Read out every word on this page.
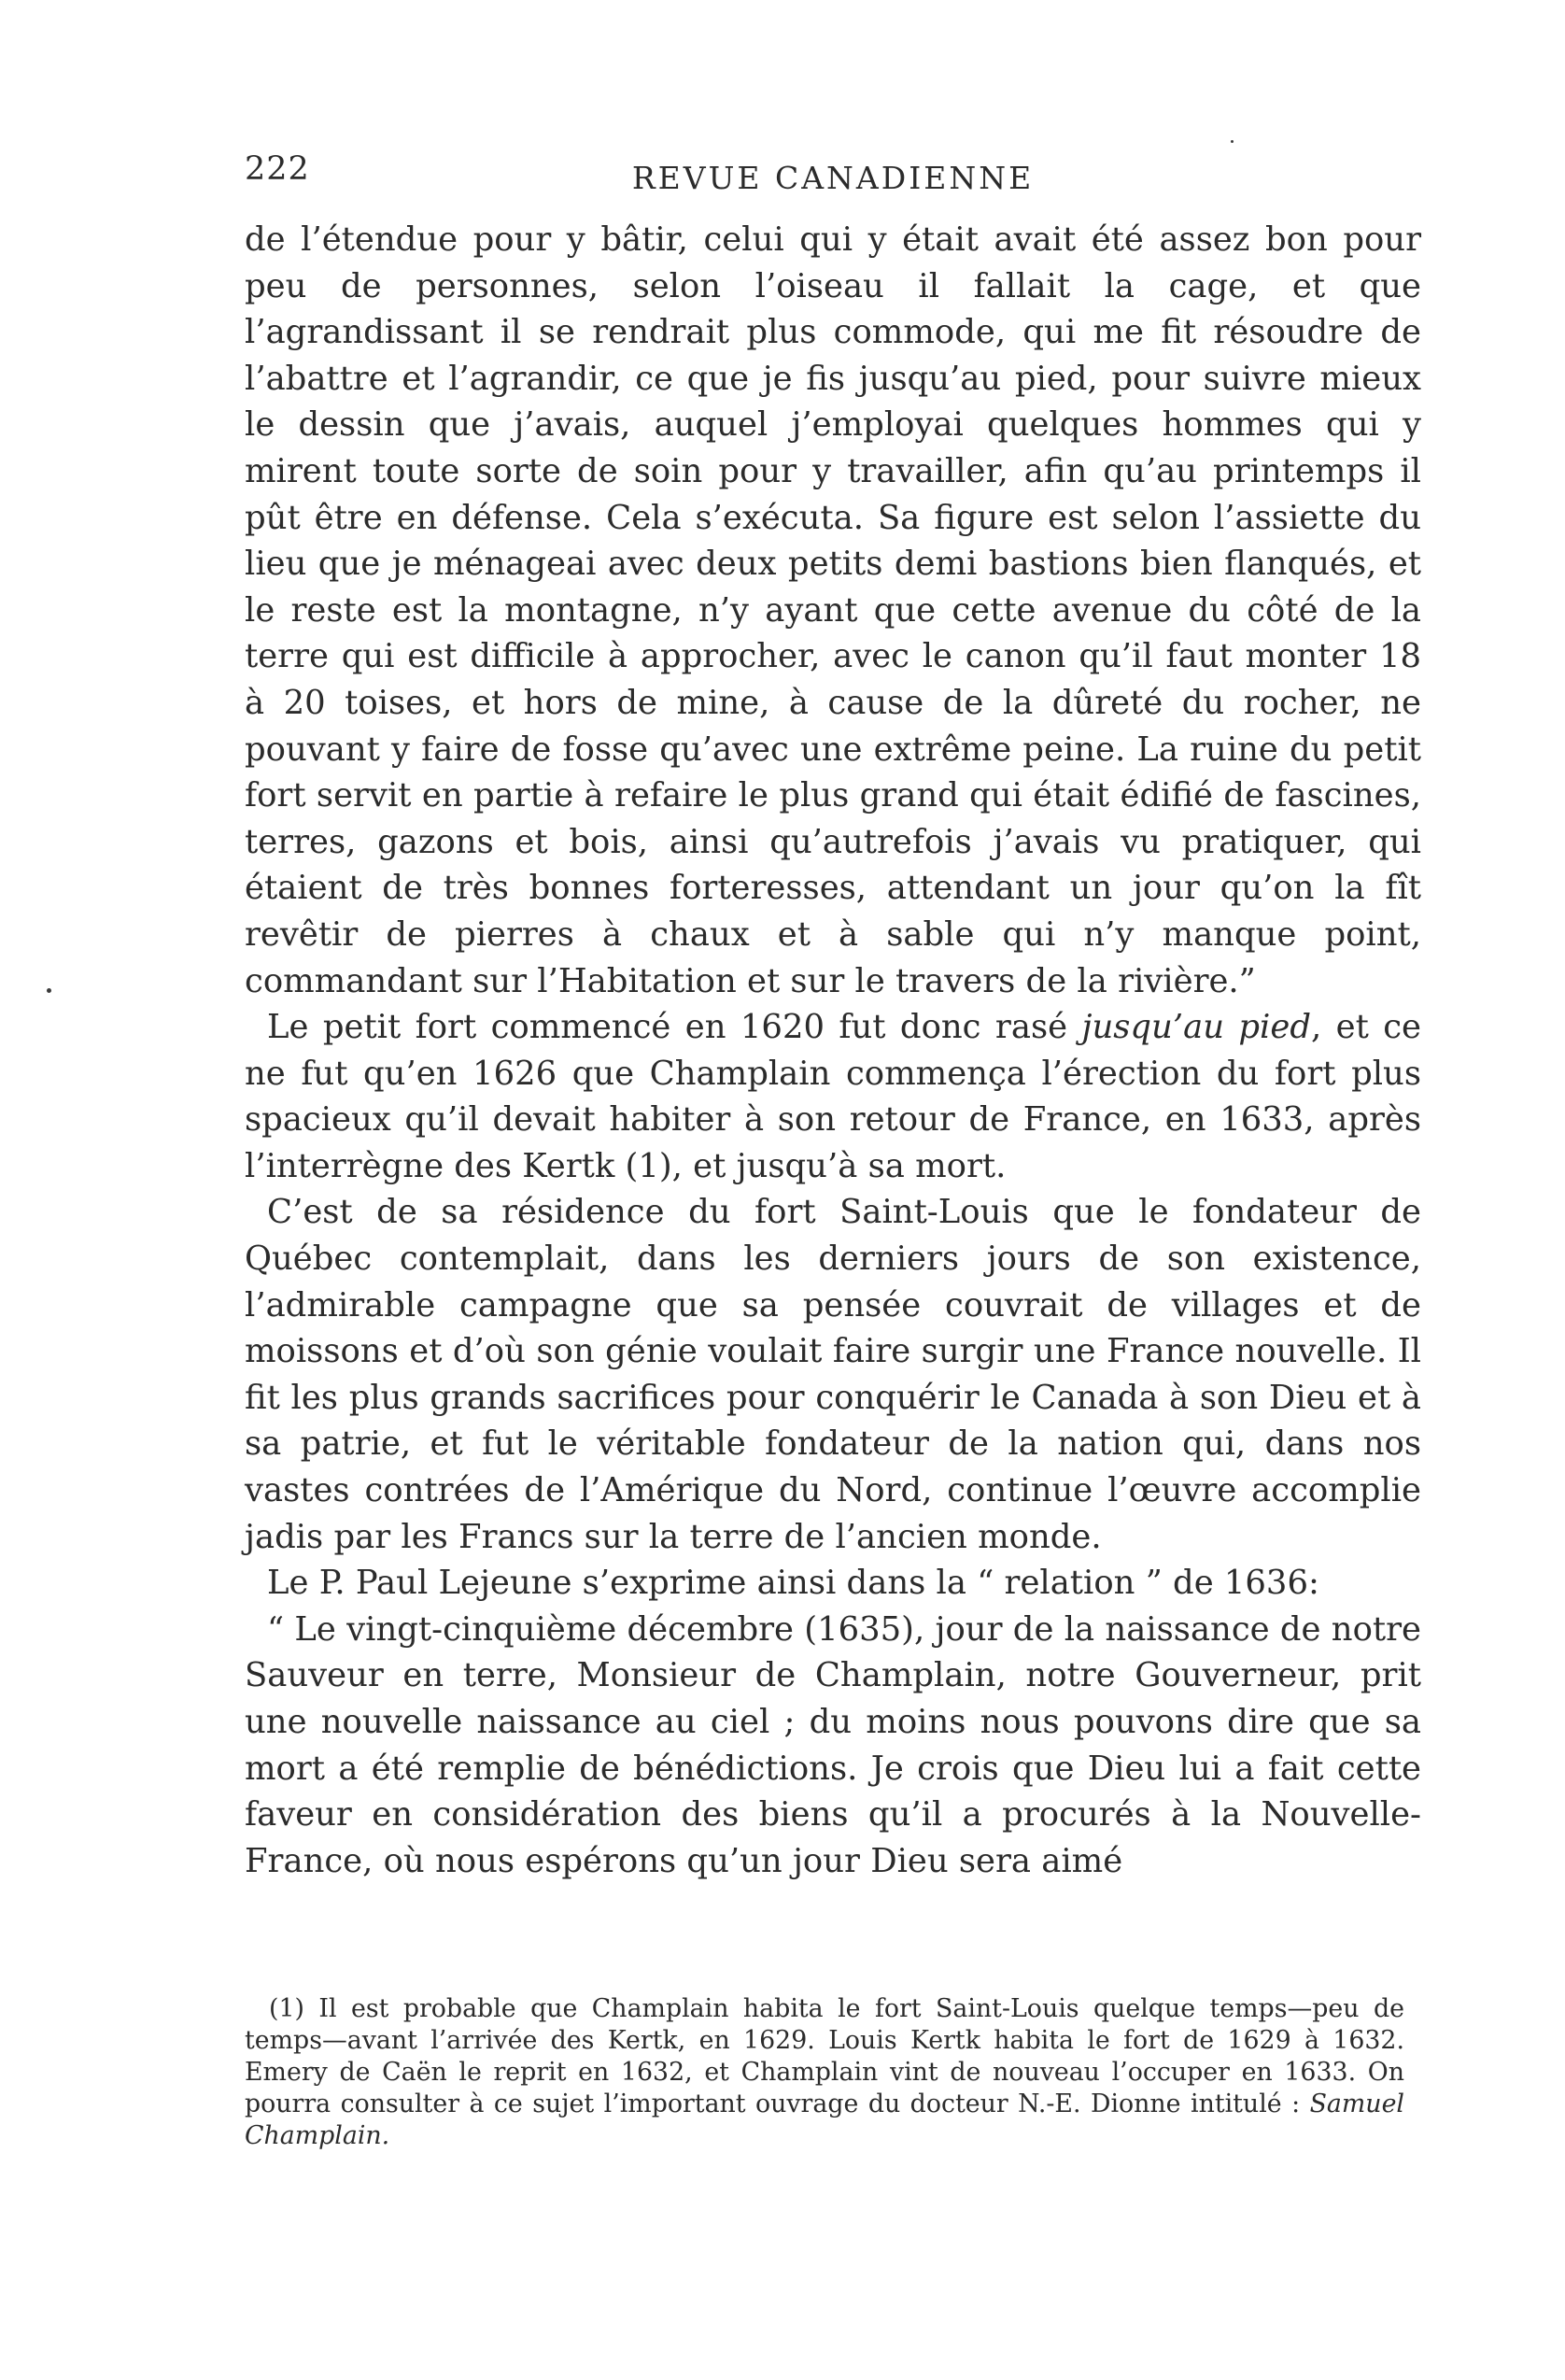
222	REVUE CANADIENNE

de l’étendue pour y bâtir, celui qui y était avait été assez bon pour peu de personnes, selon l’oiseau il fallait la cage, et que l’agrandissant il se rendrait plus commode, qui me fit résoudre de l’abattre et l’agrandir, ce que je fis jusqu’au pied, pour suivre mieux le dessin que j’avais, auquel j’employai quelques hommes qui y mirent toute sorte de soin pour y travailler, afin qu’au printemps il pût être en défense. Cela s’exécuta. Sa figure est selon l’assiette du lieu que je ménageai avec deux petits demi bastions bien flanqués, et le reste est la montagne, n’y ayant que cette avenue du côté de la terre qui est difficile à approcher, avec le canon qu’il faut monter 18 à 20 toises, et hors de mine, à cause de la dûreté du rocher, ne pouvant y faire de fosse qu’avec une extrême peine. La ruine du petit fort servit en partie à refaire le plus grand qui était édifié de fascines, terres, gazons et bois, ainsi qu’autrefois j’avais vu pratiquer, qui étaient de très bonnes forteresses, attendant un jour qu’on la fît revêtir de pierres à chaux et à sable qui n’y manque point, commandant sur l’Habitation et sur le travers de la rivière.”

Le petit fort commencé en 1620 fut donc rasé jusqu’au pied, et ce ne fut qu’en 1626 que Champlain commença l’érection du fort plus spacieux qu’il devait habiter à son retour de France, en 1633, après l’interrègne des Kertk (1), et jusqu’à sa mort.

C’est de sa résidence du fort Saint-Louis que le fondateur de Québec contemplait, dans les derniers jours de son existence, l’admirable campagne que sa pensée couvrait de villages et de moissons et d’où son génie voulait faire surgir une France nouvelle. Il fit les plus grands sacrifices pour conquérir le Canada à son Dieu et à sa patrie, et fut le véritable fondateur de la nation qui, dans nos vastes contrées de l’Amérique du Nord, continue l’œuvre accomplie jadis par les Francs sur la terre de l’ancien monde.

Le P. Paul Lejeune s’exprime ainsi dans la “ relation ” de 1636:

“ Le vingt-cinquième décembre (1635), jour de la naissance de notre Sauveur en terre, Monsieur de Champlain, notre Gouverneur, prit une nouvelle naissance au ciel ; du moins nous pouvons dire que sa mort a été remplie de bénédictions. Je crois que Dieu lui a fait cette faveur en considération des biens qu’il a procurés à la Nouvelle-France, où nous espérons qu’un jour Dieu sera aimé

(1) Il est probable que Champlain habita le fort Saint-Louis quelque temps—peu de temps—avant l’arrivée des Kertk, en 1629. Louis Kertk habita le fort de 1629 à 1632. Emery de Caën le reprit en 1632, et Champlain vint de nouveau l’occuper en 1633. On pourra consulter à ce sujet l’important ouvrage du docteur N.-E. Dionne intitulé : Samuel Champlain.
